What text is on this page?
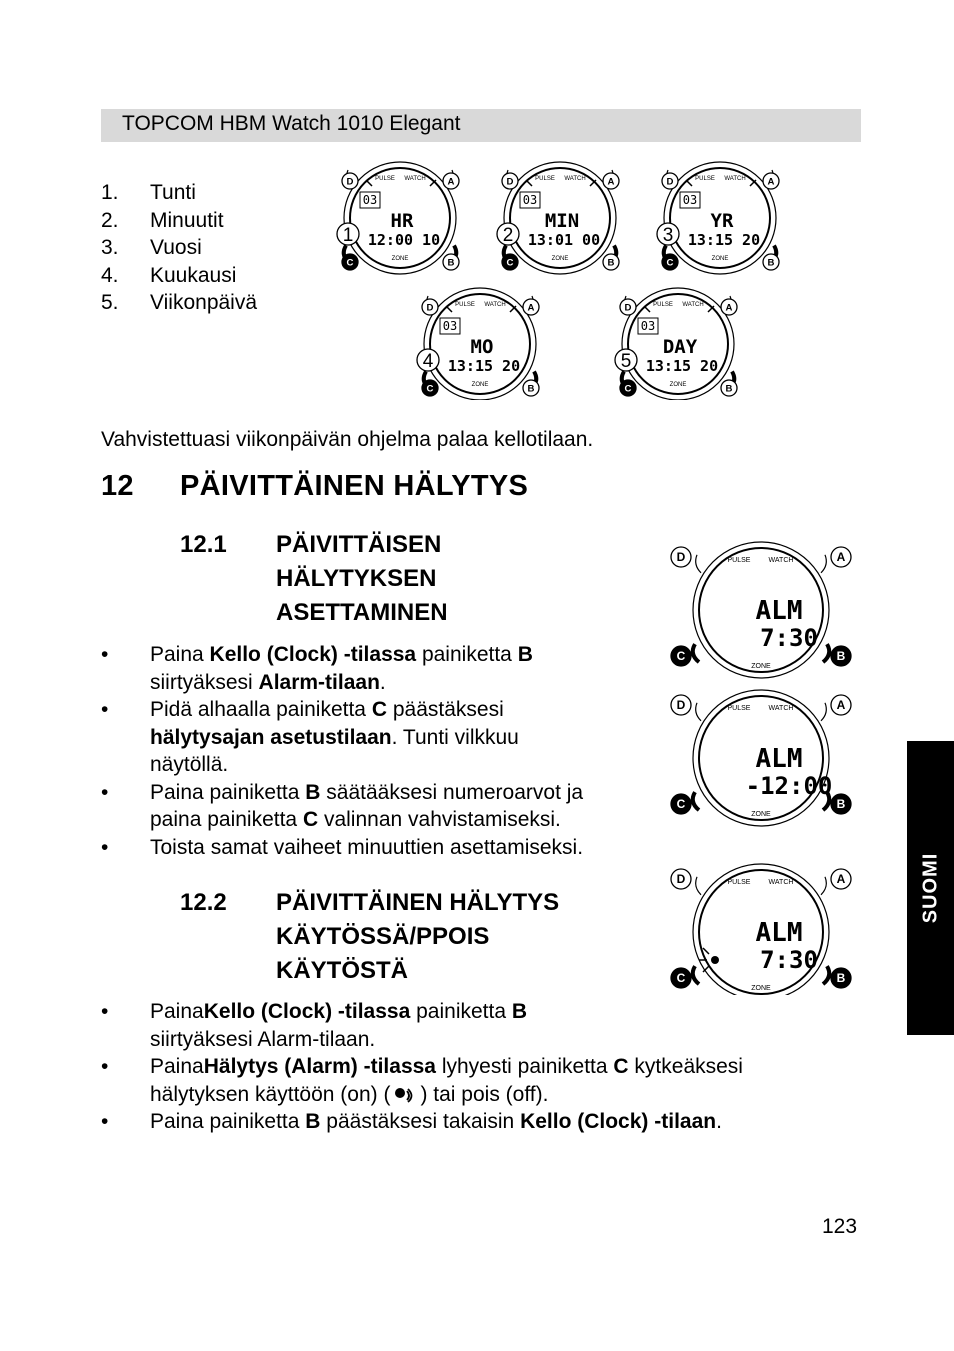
TOPCOM HBM Watch 1010 Elegant
1.	Tunti
2.	Minuutit
3.	Vuosi
4.	Kuukausi
5.	Viikonpäivä
PULSE WATCH
03
HR
12:00 10
ZONE
D	A
C	B
1
PULSE WATCH
03
MIN
13:01 00
ZONE
D	A
C	B
2
PULSE WATCH
03
YR
13:15 20
ZONE
D	A
C	B
3
PULSE WATCH
03
MO
13:15 20
ZONE
D	A
C	B
4
PULSE WATCH
03
DAY
13:15 20
ZONE
D	A
C	B
5
Vahvistettuasi viikonpäivän ohjelma palaa kellotilaan.
12 PÄIVITTÄINEN HÄLYTYS
12.1 PÄIVITTÄISEN
HÄLYTYKSEN
ASETTAMINEN
•	Paina Kello (Clock) -tilassa painiketta B
siirtyäksesi Alarm-tilaan.
•	Pidä alhaalla painiketta C päästäksesi
hälytysajan asetustilaan. Tunti vilkkuu
näytöllä.
•	Paina painiketta B säätääksesi numeroarvot ja
paina painiketta C valinnan vahvistamiseksi.
•	Toista samat vaiheet minuuttien asettamiseksi.
PULSE	WATCH
ALM
7:30
ZONE
D	A
C	B
PULSE	WATCH
ALM
-12:00
ZONE
D	A
C	B
PULSE	WATCH
ALM
7:30
ZONE
D	A
C	B
12.2 PÄIVITTÄINEN HÄLYTYS
KÄYTÖSSÄ/PPOIS
KÄYTÖSTÄ
•	PainaKello (Clock) -tilassa painiketta B
siirtyäksesi Alarm-tilaan.
•	PainaHälytys (Alarm) -tilassa lyhyesti painiketta C kytkeäksesi
hälytyksen käyttöön (on) ( ) tai pois (off).
•	Paina painiketta B päästäksesi takaisin Kello (Clock) -tilaan.
SUOMI
123
